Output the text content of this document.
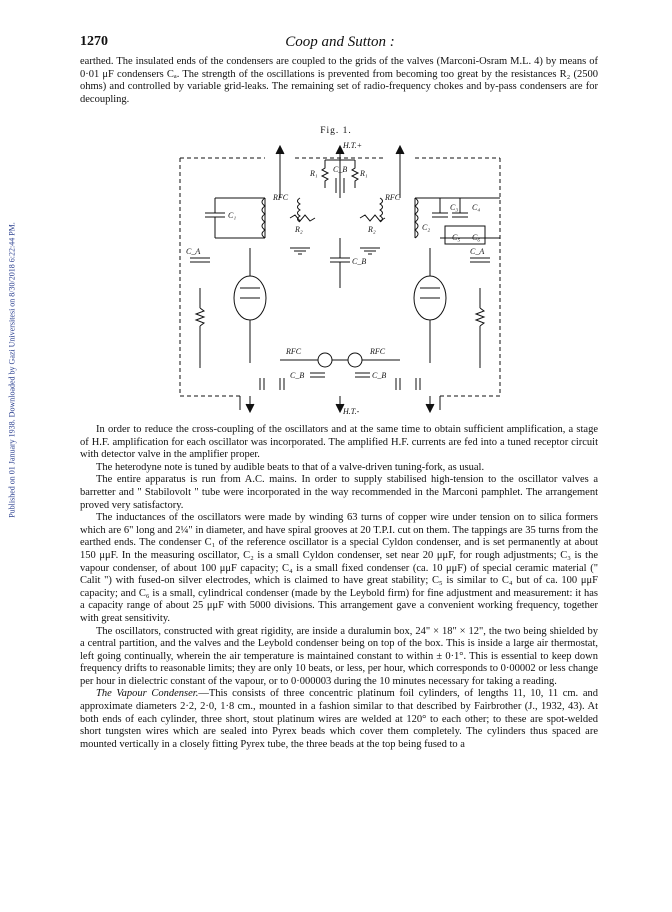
Published on 01 January 1938. Downloaded by Gazi Universitesi on 8/30/2018 6:22:44 PM.
1270	Coop and Sutton :

earthed. The insulated ends of the condensers are coupled to the grids of the valves (Marconi-Osram M.L. 4) by means of 0·01 μF condensers Cₐ. The strength of the oscillations is prevented from becoming too great by the resistances R₂ (2500 ohms) and controlled by variable grid-leaks. The remaining set of radio-frequency chokes and by-pass condensers are for decoupling.

Fig. 1.
H.T.+
H.T.-
R₁	R₁
C_B
RFC	RFC
R₂	R₂
C₁
C₂
C₃ C₄
C₅ C₆
C_A	C_A
C_B
RFC	RFC
C_B	C_B

In order to reduce the cross-coupling of the oscillators and at the same time to obtain sufficient amplification, a stage of H.F. amplification for each oscillator was incorporated. The amplified H.F. currents are fed into a tuned receptor circuit with detector valve in the amplifier proper.

The heterodyne note is tuned by audible beats to that of a valve-driven tuning-fork, as usual.

The entire apparatus is run from A.C. mains. In order to supply stabilised high-tension to the oscillator valves a barretter and " Stabilovolt " tube were incorporated in the way recommended in the Marconi pamphlet. The arrangement proved very satisfactory.

The inductances of the oscillators were made by winding 63 turns of copper wire under tension on to silica formers which are 6" long and 2¼" in diameter, and have spiral grooves at 20 T.P.I. cut on them. The tappings are 35 turns from the earthed ends. The condenser C₁ of the reference oscillator is a special Cyldon condenser, and is set permanently at about 150 μμF. In the measuring oscillator, C₂ is a small Cyldon condenser, set near 20 μμF, for rough adjustments; C₃ is the vapour condenser, of about 100 μμF capacity; C₄ is a small fixed condenser (ca. 10 μμF) of special ceramic material (" Calit ") with fused-on silver electrodes, which is claimed to have great stability; C₅ is similar to C₄ but of ca. 100 μμF capacity; and C₆ is a small, cylindrical condenser (made by the Leybold firm) for fine adjustment and measurement: it has a capacity range of about 25 μμF with 5000 divisions. This arrangement gave a convenient working frequency, together with great sensitivity.

The oscillators, constructed with great rigidity, are inside a duralumin box, 24" × 18" × 12", the two being shielded by a central partition, and the valves and the Leybold condenser being on top of the box. This is inside a large air thermostat, left going continually, wherein the air temperature is maintained constant to within ± 0·1°. This is essential to keep down frequency drifts to reasonable limits; they are only 10 beats, or less, per hour, which corresponds to 0·00002 or less change per hour in dielectric constant of the vapour, or to 0·000003 during the 10 minutes necessary for taking a reading.

The Vapour Condenser.—This consists of three concentric platinum foil cylinders, of lengths 11, 10, 11 cm. and approximate diameters 2·2, 2·0, 1·8 cm., mounted in a fashion similar to that described by Fairbrother (J., 1932, 43). At both ends of each cylinder, three short, stout platinum wires are welded at 120° to each other; to these are spot-welded short tungsten wires which are sealed into Pyrex beads which cover them completely. The cylinders thus spaced are mounted vertically in a closely fitting Pyrex tube, the three beads at the top being fused to a
